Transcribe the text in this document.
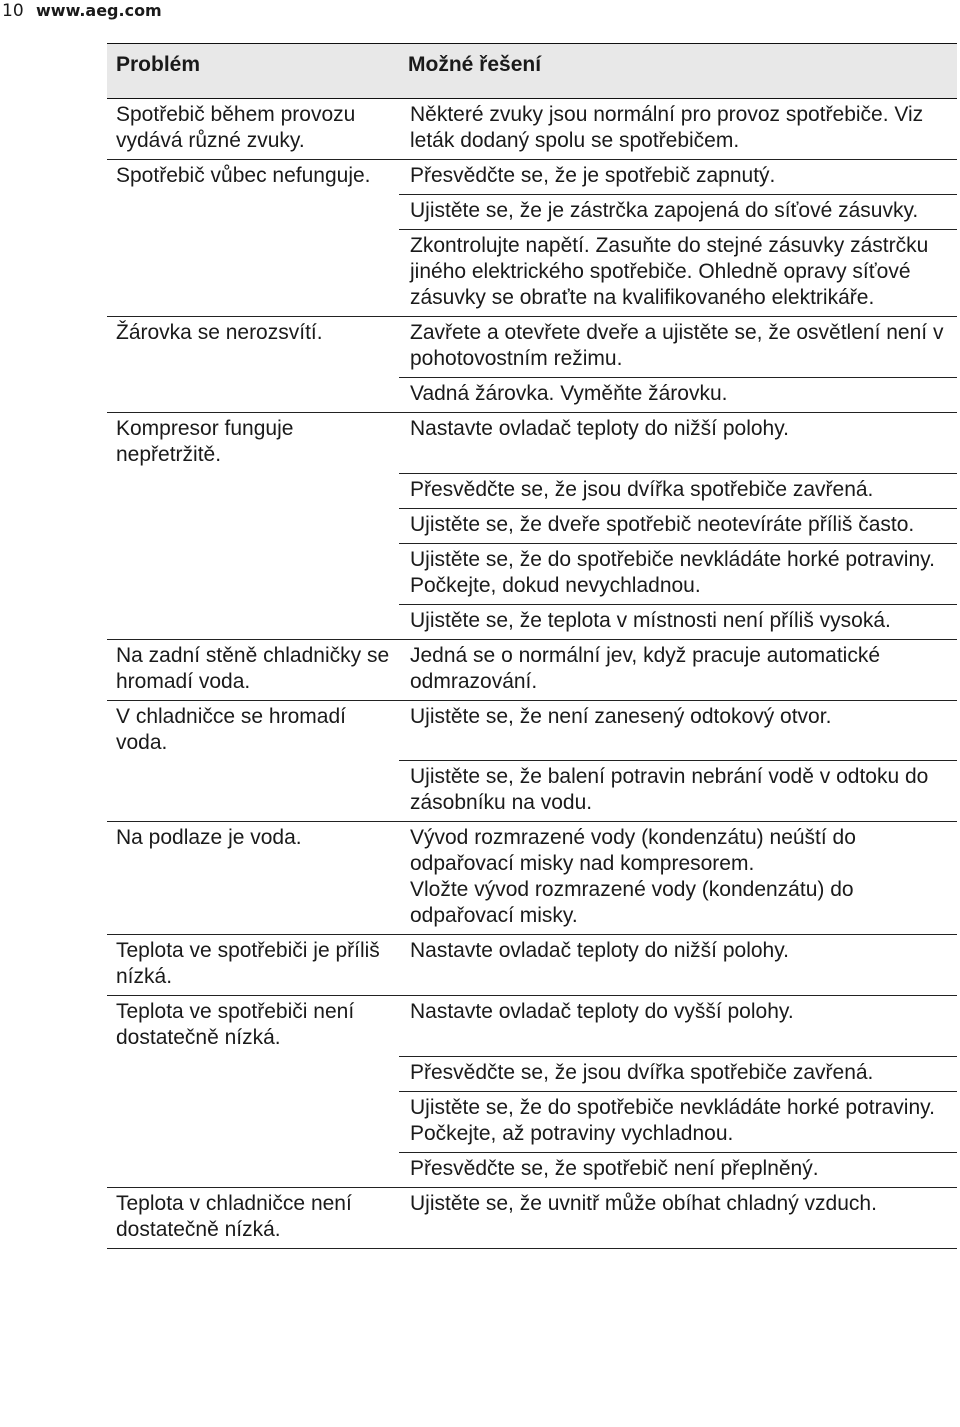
10 www.aeg.com
Problém	Možné řešení
Spotřebič během provozu vydává různé zvuky.	Některé zvuky jsou normální pro provoz spotřebiče. Viz leták dodaný spolu se spotřebičem.

Spotřebič vůbec nefunguje.	Přesvědčte se, že je spotřebič zapnutý.

	Ujistěte se, že je zástrčka zapojená do síťové zásuvky.

	Zkontrolujte napětí. Zasuňte do stejné zásuvky zástrčku jiného elektrického spotřebiče. Ohledně opravy síťové zásuvky se obraťte na kvalifikovaného elektrikáře.

Žárovka se nerozsvítí.	Zavřete a otevřete dveře a ujistěte se, že osvětlení není v pohotovostním režimu.

	Vadná žárovka. Vyměňte žárovku.

Kompresor funguje nepřetržitě.	Nastavte ovladač teploty do nižší polohy.

	Přesvědčte se, že jsou dvířka spotřebiče zavřená.

	Ujistěte se, že dveře spotřebič neotevíráte příliš často.

	Ujistěte se, že do spotřebiče nevkládáte horké potraviny. Počkejte, dokud nevychladnou.

	Ujistěte se, že teplota v místnosti není příliš vysoká.

Na zadní stěně chladničky se hromadí voda.	Jedná se o normální jev, když pracuje automatické odmrazování.

V chladničce se hromadí voda.	Ujistěte se, že není zanesený odtokový otvor.

	Ujistěte se, že balení potravin nebrání vodě v odtoku do zásobníku na vodu.

Na podlaze je voda.	Vývod rozmrazené vody (kondenzátu) neúští do odpařovací misky nad kompresorem.
Vložte vývod rozmrazené vody (kondenzátu) do odpařovací misky.

Teplota ve spotřebiči je příliš nízká.	Nastavte ovladač teploty do nižší polohy.

Teplota ve spotřebiči není dostatečně nízká.	Nastavte ovladač teploty do vyšší polohy.

	Přesvědčte se, že jsou dvířka spotřebiče zavřená.

	Ujistěte se, že do spotřebiče nevkládáte horké potraviny. Počkejte, až potraviny vychladnou.

	Přesvědčte se, že spotřebič není přeplněný.

Teplota v chladničce není dostatečně nízká.	Ujistěte se, že uvnitř může obíhat chladný vzduch.
